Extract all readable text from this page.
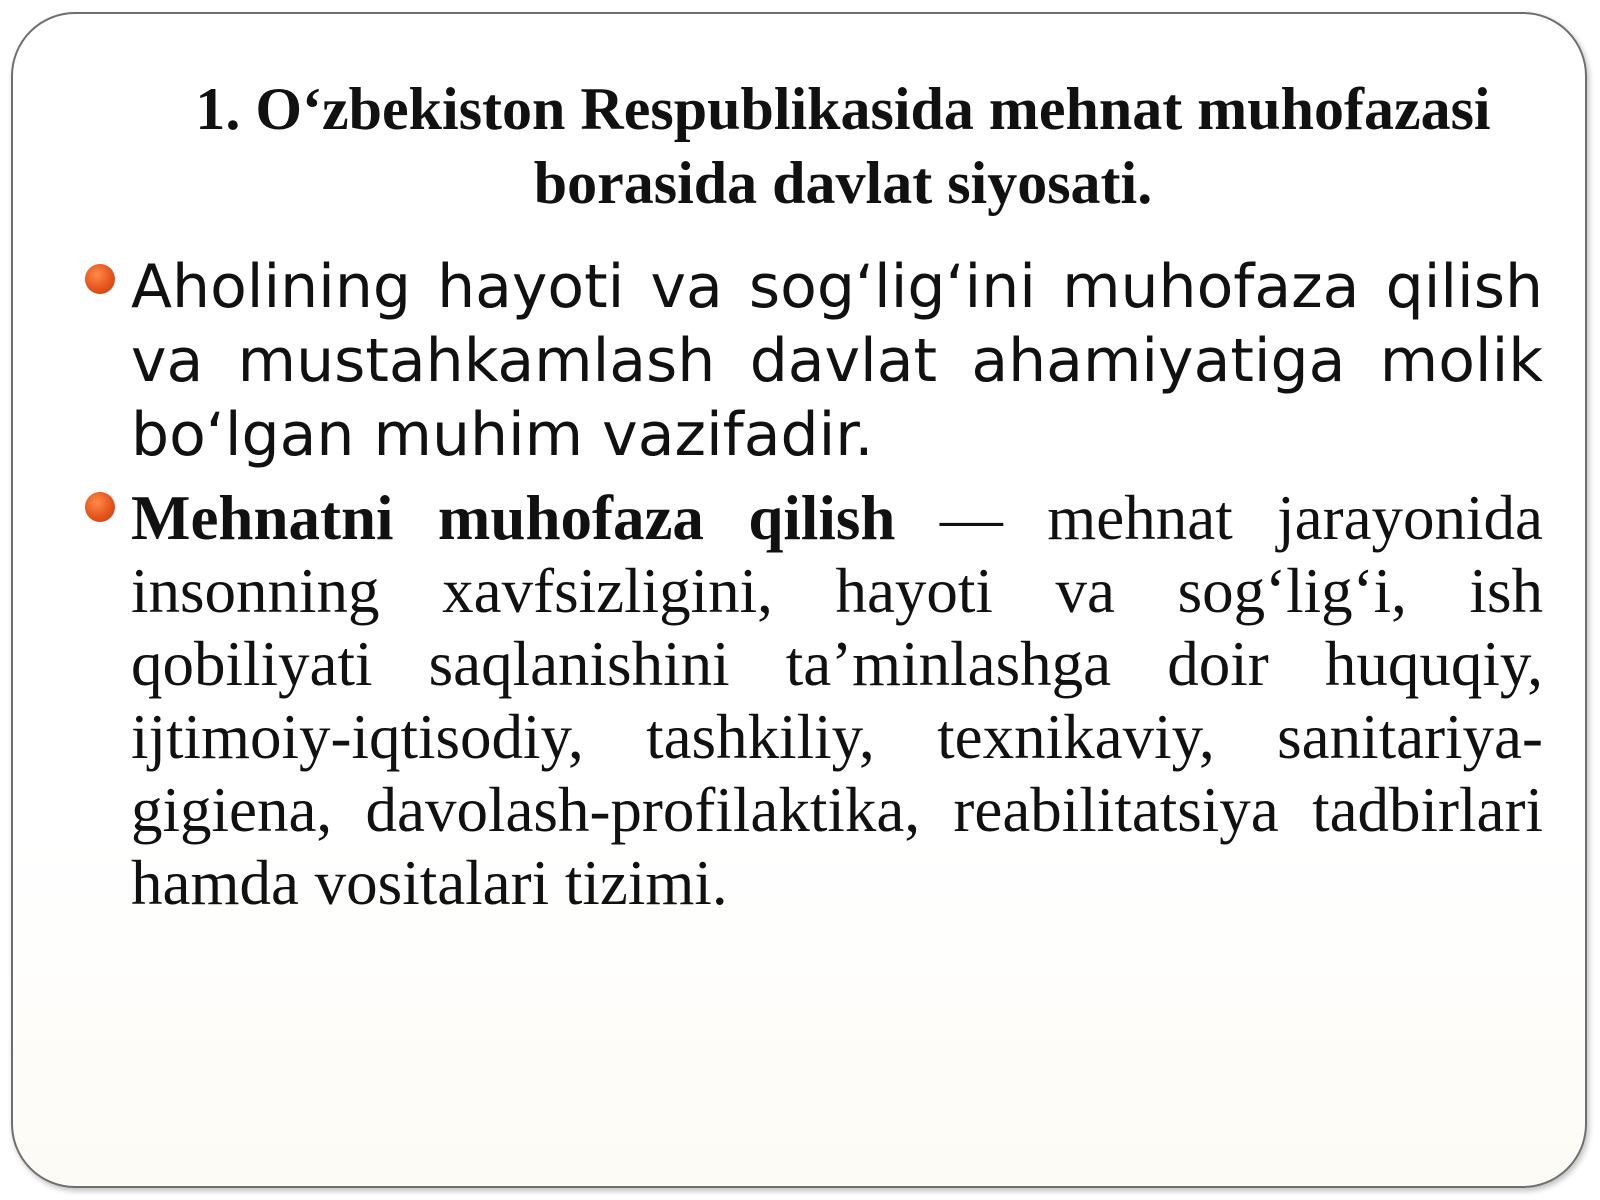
1. O‘zbekiston Respublikasida mehnat muhofazasi
borasida davlat siyosati.
Aholining hayoti va sog‘lig‘ini muhofaza qilish va mustahkamlash davlat ahamiyatiga molik bo‘lgan muhim vazifadir.
Mehnatni muhofaza qilish — mehnat jarayonida insonning xavfsizligini, hayoti va sog‘lig‘i, ish qobiliyati saqlanishini ta’minlashga doir huquqiy, ijtimoiy-iqtisodiy, tashkiliy, texnikaviy, sanitariya-gigiena, davolash-profilaktika, reabilitatsiya tadbirlari hamda vositalari tizimi.
